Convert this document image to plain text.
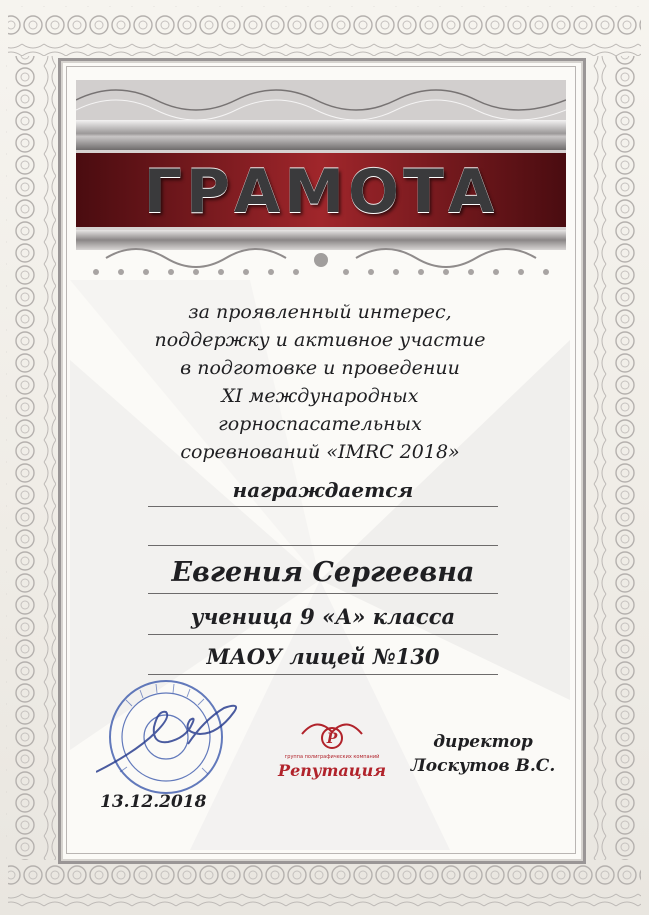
ГРАМОТА
за проявленный интерес,
поддержку и активное участие
в подготовке и проведении
XI международных
горноспасательных
соревнований «IMRC 2018»
награждается
Евгения Сергеевна
ученица 9 «А» класса
МАОУ лицей №130
Р
группа полиграфических компаний
Репутация
директор
Лоскутов В.С.
13.12.2018
